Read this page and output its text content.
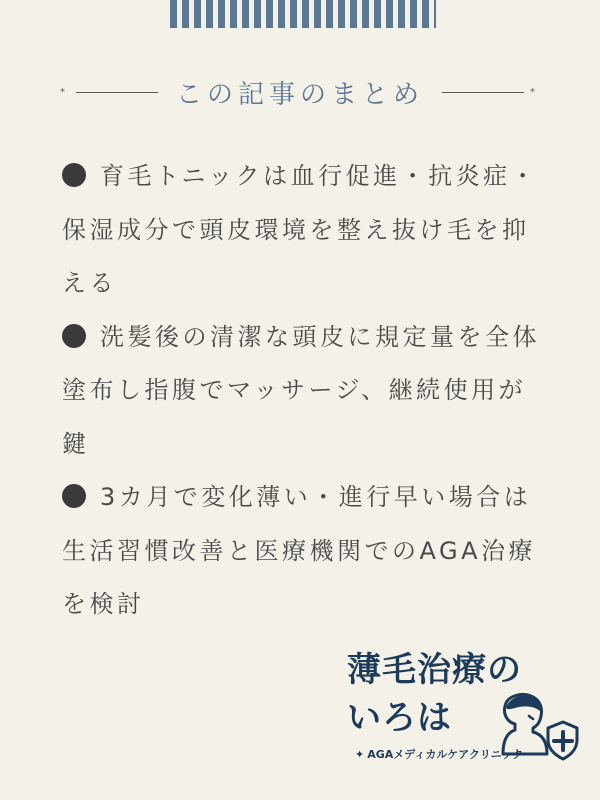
*	この記事のまとめ	*
育毛トニックは血行促進・抗炎症・保湿成分で頭皮環境を整え抜け毛を抑える
洗髪後の清潔な頭皮に規定量を全体塗布し指腹でマッサージ、継続使用が鍵
3カ月で変化薄い・進行早い場合は生活習慣改善と医療機関でのAGA治療を検討
薄毛治療の
いろは
✦ AGAメディカルケアクリニック
